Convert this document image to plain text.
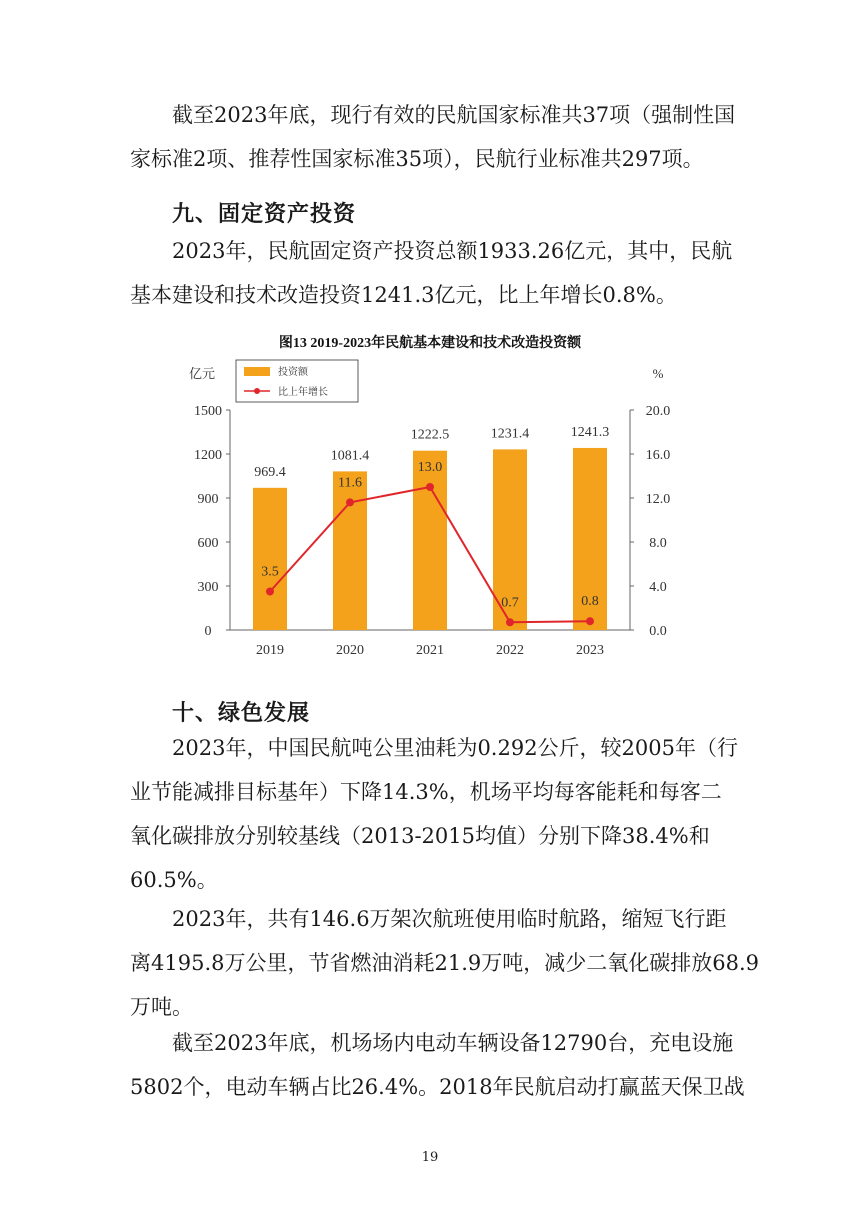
截至2023年底，现行有效的民航国家标准共37项（强制性国
家标准2项、推荐性国家标准35项），民航行业标准共297项。

九、固定资产投资

2023年，民航固定资产投资总额1933.26亿元，其中，民航
基本建设和技术改造投资1241.3亿元，比上年增长0.8%。

图13 2019-2023年民航基本建设和技术改造投资额
亿元	%
0
300
600
900
1200
1500
0.0
4.0
8.0
12.0
16.0
20.0
969.4
1081.4
1222.5	1231.4	1241.3
3.5
11.6
13.0
0.7	0.8
2019	2020	2021	2022	2023
投资额
比上年增长
十、绿色发展

2023年，中国民航吨公里油耗为0.292公斤，较2005年（行
业节能减排目标基年）下降14.3%，机场平均每客能耗和每客二
氧化碳排放分别较基线（2013-2015均值）分别下降38.4%和
60.5%。

2023年，共有146.6万架次航班使用临时航路，缩短飞行距
离4195.8万公里，节省燃油消耗21.9万吨，减少二氧化碳排放68.9
万吨。

截至2023年底，机场场内电动车辆设备12790台，充电设施
5802个，电动车辆占比26.4%。2018年民航启动打赢蓝天保卫战

19
